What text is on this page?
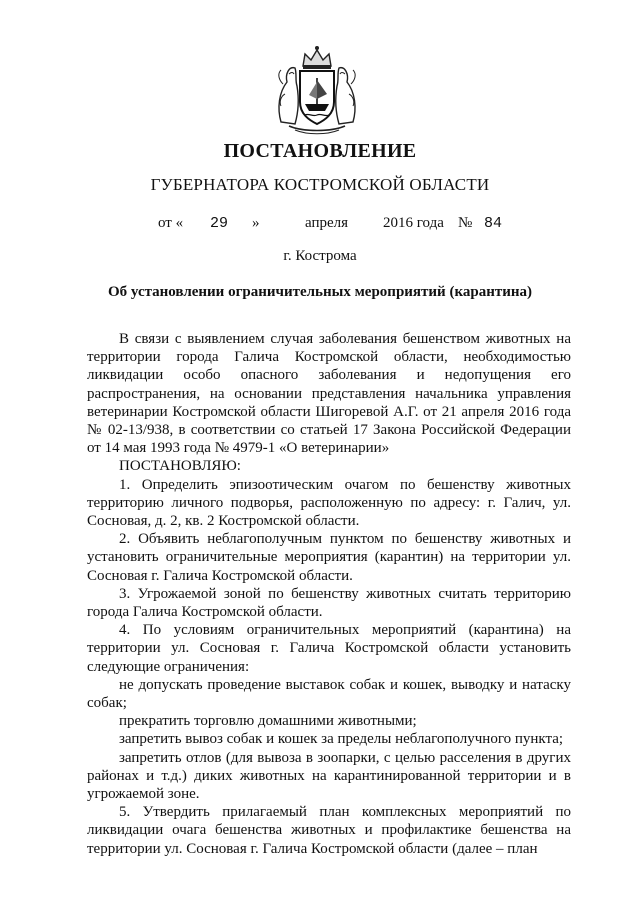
ПОСТАНОВЛЕНИЕ
ГУБЕРНАТОРА КОСТРОМСКОЙ ОБЛАСТИ
от « 29 »	апреля 2016 года № 84
г. Кострома
Об установлении ограничительных мероприятий (карантина)

В связи с выявлением случая заболевания бешенством животных на территории города Галича Костромской области, необходимостью ликвидации особо опасного заболевания и недопущения его распространения, на основании представления начальника управления ветеринарии Костромской области Шигоревой А.Г. от 21 апреля 2016 года № 02-13/938, в соответствии со статьей 17 Закона Российской Федерации от 14 мая 1993 года № 4979-1 «О ветеринарии»

ПОСТАНОВЛЯЮ:

1. Определить эпизоотическим очагом по бешенству животных территорию личного подворья, расположенную по адресу: г. Галич, ул. Сосновая, д. 2, кв. 2 Костромской области.

2. Объявить неблагополучным пунктом по бешенству животных и установить ограничительные мероприятия (карантин) на территории ул. Сосновая г. Галича Костромской области.

3. Угрожаемой зоной по бешенству животных считать территорию города Галича Костромской области.

4. По условиям ограничительных мероприятий (карантина) на территории ул. Сосновая г. Галича Костромской области установить следующие ограничения:

не допускать проведение выставок собак и кошек, выводку и натаску собак;

прекратить торговлю домашними животными;

запретить вывоз собак и кошек за пределы неблагополучного пункта;

запретить отлов (для вывоза в зоопарки, с целью расселения в других районах и т.д.) диких животных на карантинированной территории и в угрожаемой зоне.

5. Утвердить прилагаемый план комплексных мероприятий по ликвидации очага бешенства животных и профилактике бешенства на территории ул. Сосновая г. Галича Костромской области (далее – план
